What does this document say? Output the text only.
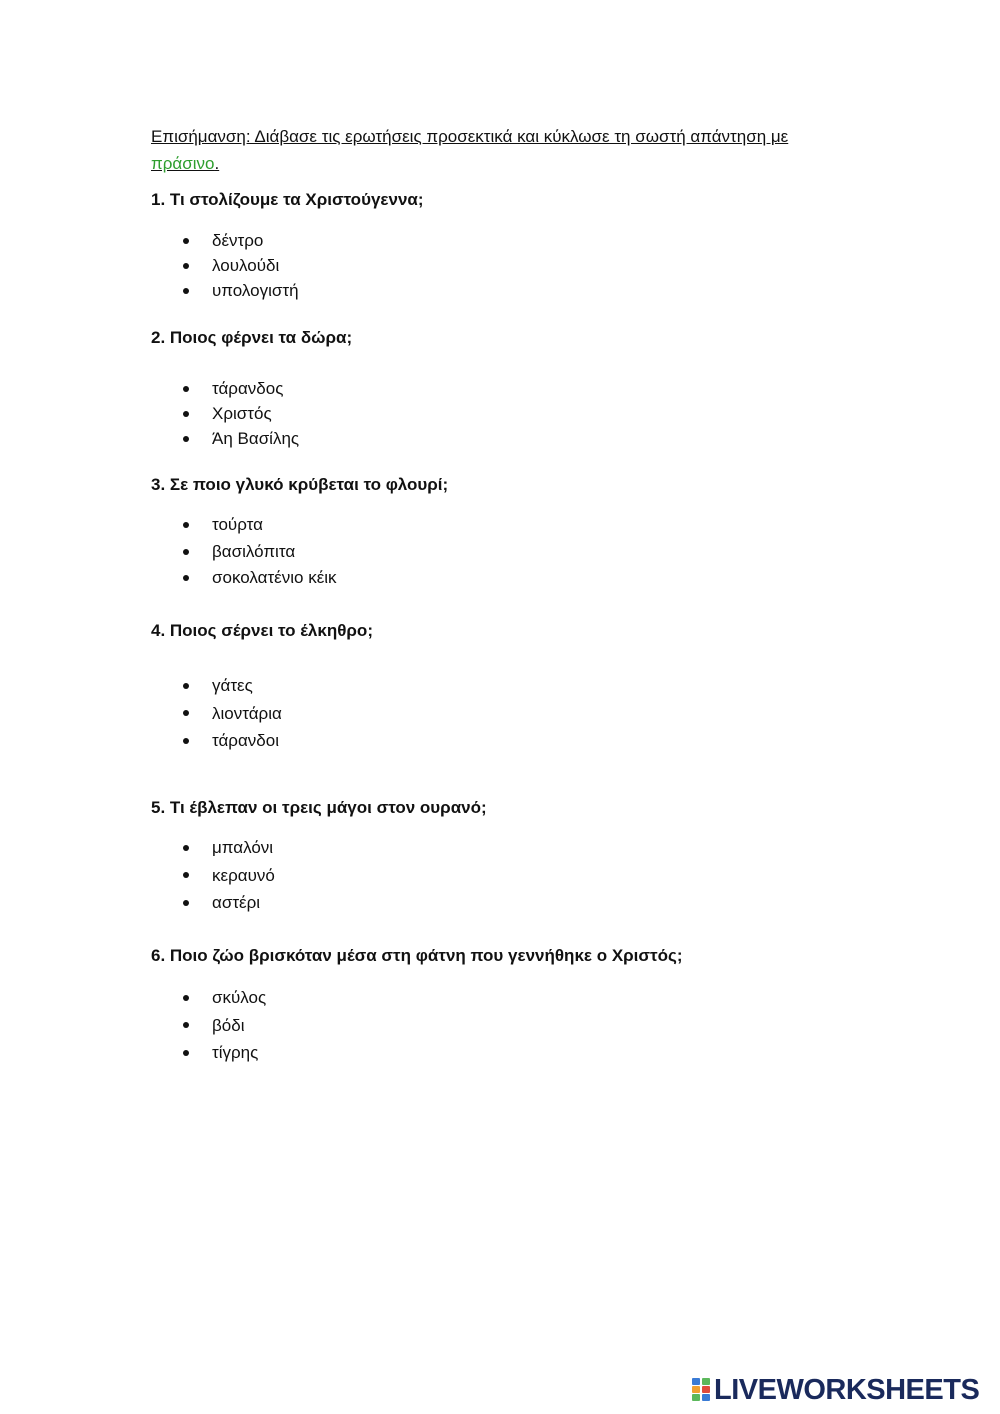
Επισήμανση: Διάβασε τις ερωτήσεις προσεκτικά και κύκλωσε τη σωστή απάντηση με
πράσινο.

1. Τι στολίζουμε τα Χριστούγεννα;

δέντρο
λουλούδι
υπολογιστή

2. Ποιος φέρνει τα δώρα;

τάρανδος
Χριστός
Άη Βασίλης

3. Σε ποιο γλυκό κρύβεται το φλουρί;

τούρτα
βασιλόπιτα
σοκολατένιο κέικ

4. Ποιος σέρνει το έλκηθρο;

γάτες
λιοντάρια
τάρανδοι

5. Τι έβλεπαν οι τρεις μάγοι στον ουρανό;

μπαλόνι
κεραυνό
αστέρι

6. Ποιο ζώο βρισκόταν μέσα στη φάτνη που γεννήθηκε ο Χριστός;

σκύλος
βόδι
τίγρης
LIVEWORKSHEETS
